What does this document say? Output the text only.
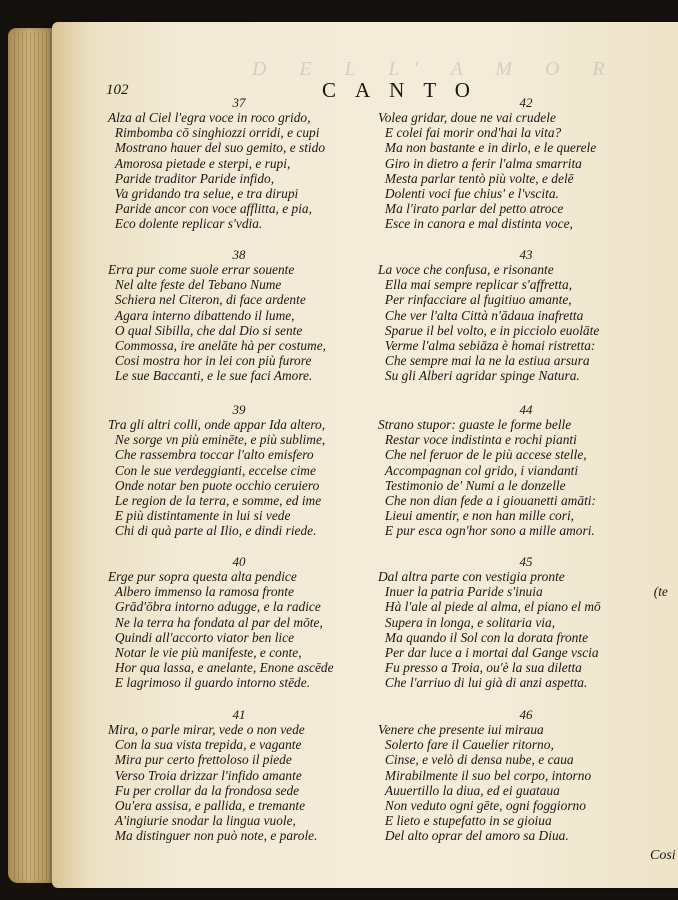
D E L L' A M O R
102	CANTO
37
Alza al Ciel l'egra voce in roco grido,
Rimbomba cō singhiozzi orridi, e cupi
Mostrano hauer del suo gemito, e stido
Amorosa pietade e sterpi, e rupi,
Paride traditor Paride infido,
Va gridando tra selue, e tra dirupi
Paride ancor con voce afflitta, e pia,
Eco dolente replicar s'vdia.
38
Erra pur come suole errar souente
Nel alte feste del Tebano Nume
Schiera nel Citeron, di face ardente
Agara interno dibattendo il lume,
O qual Sibilla, che dal Dio si sente
Commossa, ire anelāte hà per costume,
Cosi mostra hor in lei con più furore
Le sue Baccanti, e le sue faci Amore.
39
Tra gli altri colli, onde appar Ida altero,
Ne sorge vn più eminēte, e più sublime,
Che rassembra toccar l'alto emisfero
Con le sue verdeggianti, eccelse cime
Onde notar ben puote occhio ceruiero
Le region de la terra, e somme, ed ime
E più distintamente in lui si vede
Chi di quà parte al Ilio, e dindi riede.
40
Erge pur sopra questa alta pendice
Albero immenso la ramosa fronte
Grād'ōbra intorno adugge, e la radice
Ne la terra ha fondata al par del mōte,
Quindi all'accorto viator ben lice
Notar le vie più manifeste, e conte,
Hor qua lassa, e anelante, Enone ascēde
E lagrimoso il guardo intorno stēde.
41
Mira, o parle mirar, vede o non vede
Con la sua vista trepida, e vagante
Mira pur certo frettoloso il piede
Verso Troia drizzar l'infido amante
Fu per crollar da la frondosa sede
Ou'era assisa, e pallida, e tremante
A'ingiurie snodar la lingua vuole,
Ma distinguer non può note, e parole.
42
Volea gridar, doue ne vai crudele
E colei fai morir ond'hai la vita?
Ma non bastante e in dirlo, e le querele
Giro in dietro a ferir l'alma smarrita
Mesta parlar tentò più volte, e delē
Dolenti voci fue chius' e l'vscita.
Ma l'irato parlar del petto atroce
Esce in canora e mal distinta voce,
43
La voce che confusa, e risonante
Ella mai sempre replicar s'affretta,
Per rinfacciare al fugitiuo amante,
Che ver l'alta Città n'ādaua inafretta
Sparue il bel volto, e in picciolo euolāte
Verme l'alma sebiāza è homai ristretta:
Che sempre mai la ne la estiua arsura
Su gli Alberi agridar spinge Natura.
44
Strano stupor: guaste le forme belle
Restar voce indistinta e rochi pianti
Che nel feruor de le più accese stelle,
Accompagnan col grido, i viandanti
Testimonio de' Numi a le donzelle
Che non dian fede a i giouanetti amāti:
Lieui amentir, e non han mille cori,
E pur esca ogn'hor sono a mille amori.
45
Dal altra parte con vestigia pronte
Inuer la patria Paride s'inuia	(te
Hà l'ale al piede al alma, el piano el mō
Supera in longa, e solitaria via,
Ma quando il Sol con la dorata fronte
Per dar luce a i mortai dal Gange vscia
Fu presso a Troia, ou'è la sua diletta
Che l'arriuo di lui già di anzi aspetta.
46
Venere che presente iui miraua
Solerto fare il Cauelier ritorno,
Cinse, e velò di densa nube, e caua
Mirabilmente il suo bel corpo, intorno
Auuertillo la diua, ed ei guataua
Non veduto ogni gēte, ogni foggiorno
E lieto e stupefatto in se gioiua
Del alto oprar del amoro sa Diua.
Cosi
